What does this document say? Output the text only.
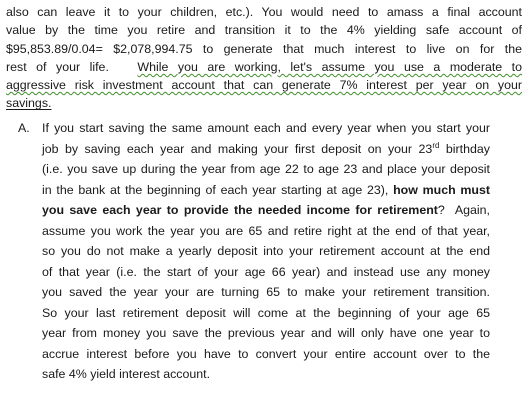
also can leave it to your children, etc.). You would need to amass a final account
value by the time you retire and transition it to the 4% yielding safe account of
$95,853.89/0.04= $2,078,994.75 to generate that much interest to live on for the
rest of your life.   While you are working, let's assume you use a moderate to
aggressive risk investment account that can generate 7% interest per year on your
savings.
A. If you start saving the same amount each and every year when you start your
job by saving each year and making your first deposit on your 23rd birthday
(i.e. you save up during the year from age 22 to age 23 and place your deposit
in the bank at the beginning of each year starting at age 23), how much must
you save each year to provide the needed income for retirement?  Again,
assume you work the year you are 65 and retire right at the end of that year,
so you do not make a yearly deposit into your retirement account at the end
of that year (i.e. the start of your age 66 year) and instead use any money
you saved the year your are turning 65 to make your retirement transition.
So your last retirement deposit will come at the beginning of your age 65
year from money you save the previous year and will only have one year to
accrue interest before you have to convert your entire account over to the
safe 4% yield interest account.
